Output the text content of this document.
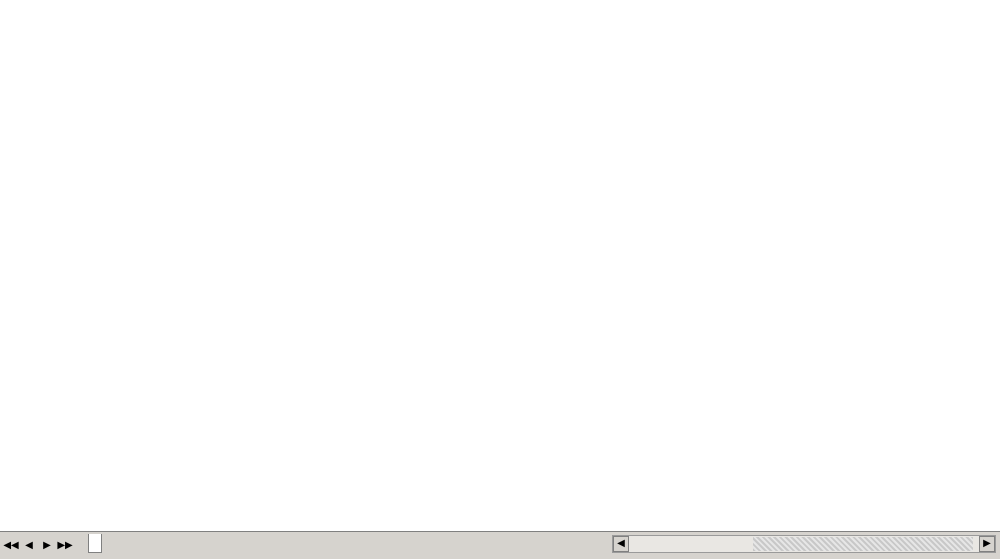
◀◀ ◀	▶ ▶▶	◀	▶
